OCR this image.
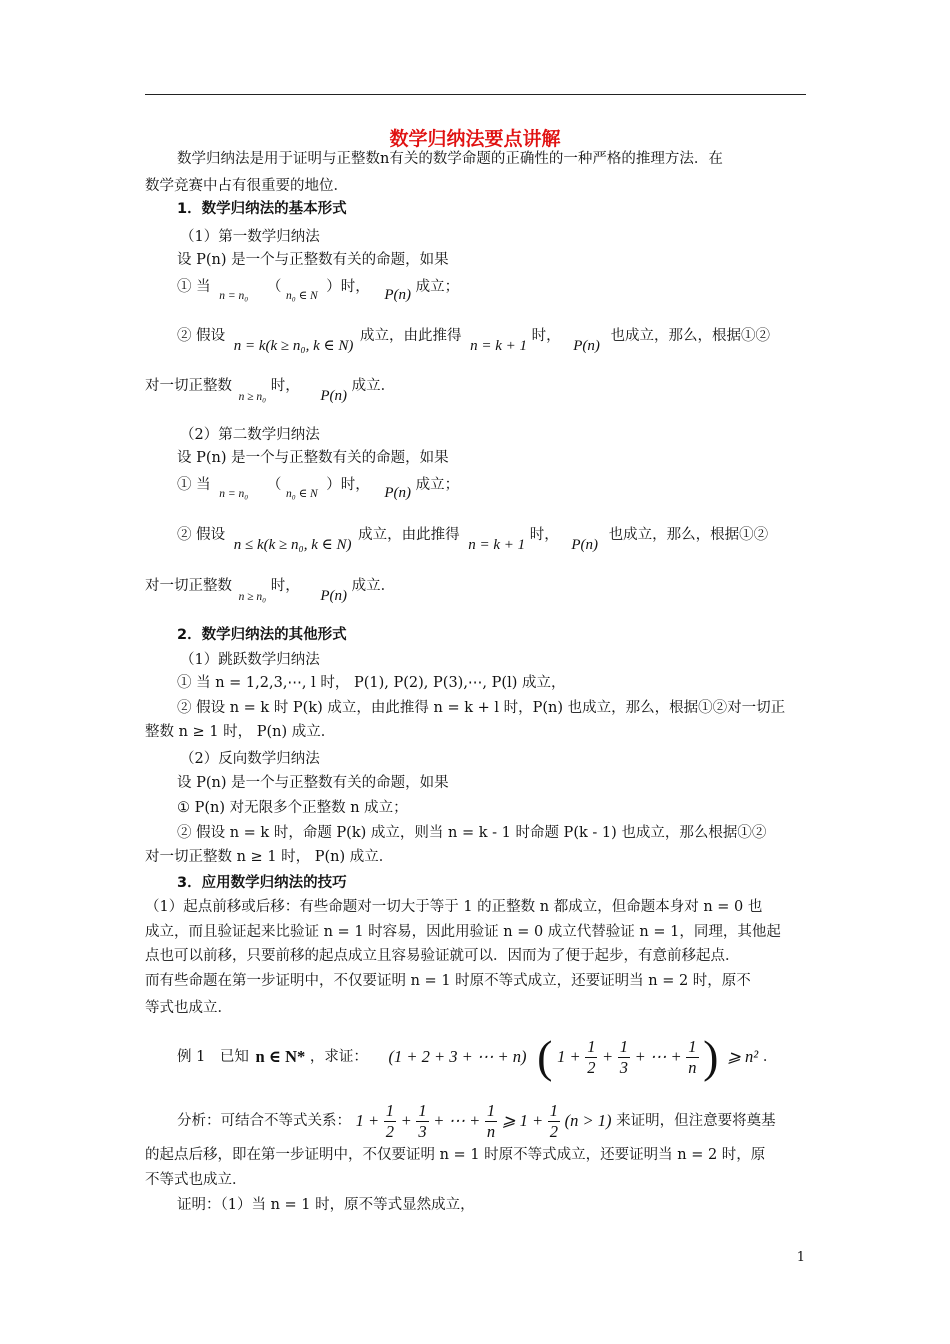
数学归纳法要点讲解
数学归纳法是用于证明与正整数n有关的数学命题的正确性的一种严格的推理方法．在
数学竞赛中占有很重要的地位．
1．数学归纳法的基本形式
（1）第一数学归纳法
设 P(n) 是一个与正整数有关的命题，如果
① 当 $_{n = n_0}$ （ $_{n_0 \in N}$ ）时， P(n) 成立；
② 假设 n = k(k ≥ n₀, k ∈ N) 成立，由此推得 n = k + 1 时， P(n) 也成立，那么，根据①②
对一切正整数 $_{n \ge n_0}$ 时， P(n) 成立．
（2）第二数学归纳法
设 P(n) 是一个与正整数有关的命题，如果
① 当 $_{n = n_0}$ （ $_{n_0 \in N}$ ）时， P(n) 成立；
② 假设 n ≤ k(k ≥ n₀, k ∈ N) 成立，由此推得 n = k + 1 时， P(n) 也成立，那么，根据①②
对一切正整数 $_{n \ge n_0}$ 时， P(n) 成立．
2．数学归纳法的其他形式
（1）跳跃数学归纳法
① 当 n = 1,2,3,⋯, l 时， P(1), P(2), P(3),⋯, P(l) 成立，
② 假设 n = k 时 P(k) 成立，由此推得 n = k + l 时，P(n) 也成立，那么，根据①②对一切正
整数 n ≥ 1 时， P(n) 成立．
（2）反向数学归纳法
设 P(n) 是一个与正整数有关的命题，如果
① P(n) 对无限多个正整数 n 成立；
② 假设 n = k 时，命题 P(k) 成立，则当 n = k - 1 时命题 P(k - 1) 也成立，那么根据①②
对一切正整数 n ≥ 1 时， P(n) 成立．
3．应用数学归纳法的技巧
（1）起点前移或后移：有些命题对一切大于等于 1 的正整数 n 都成立，但命题本身对 n = 0 也
成立，而且验证起来比验证 n = 1 时容易，因此用验证 n = 0 成立代替验证 n = 1，同理，其他起
点也可以前移，只要前移的起点成立且容易验证就可以．因而为了便于起步，有意前移起点．
而有些命题在第一步证明中，不仅要证明 n = 1 时原不等式成立，还要证明当 n = 2 时，原不
等式也成立．
例 1　已知 n ∈ N* ，求证： (1 + 2 + 3 + ⋯ + n) ( $1 + \frac{1}{2} + \frac{1}{3}$ + ⋯ + $\frac{1}{n}$ ) ⩾ n² ．
分析：可结合不等式关系： $1 + \frac{1}{2} + \frac{1}{3}$ + ⋯ + $\frac{1}{n}$ ⩾ $1 + \frac{1}{2} (n > 1)$ 来证明，但注意要将奠基
的起点后移，即在第一步证明中，不仅要证明 n = 1 时原不等式成立，还要证明当 n = 2 时，原
不等式也成立．
证明：（1）当 n = 1 时，原不等式显然成立，
1
